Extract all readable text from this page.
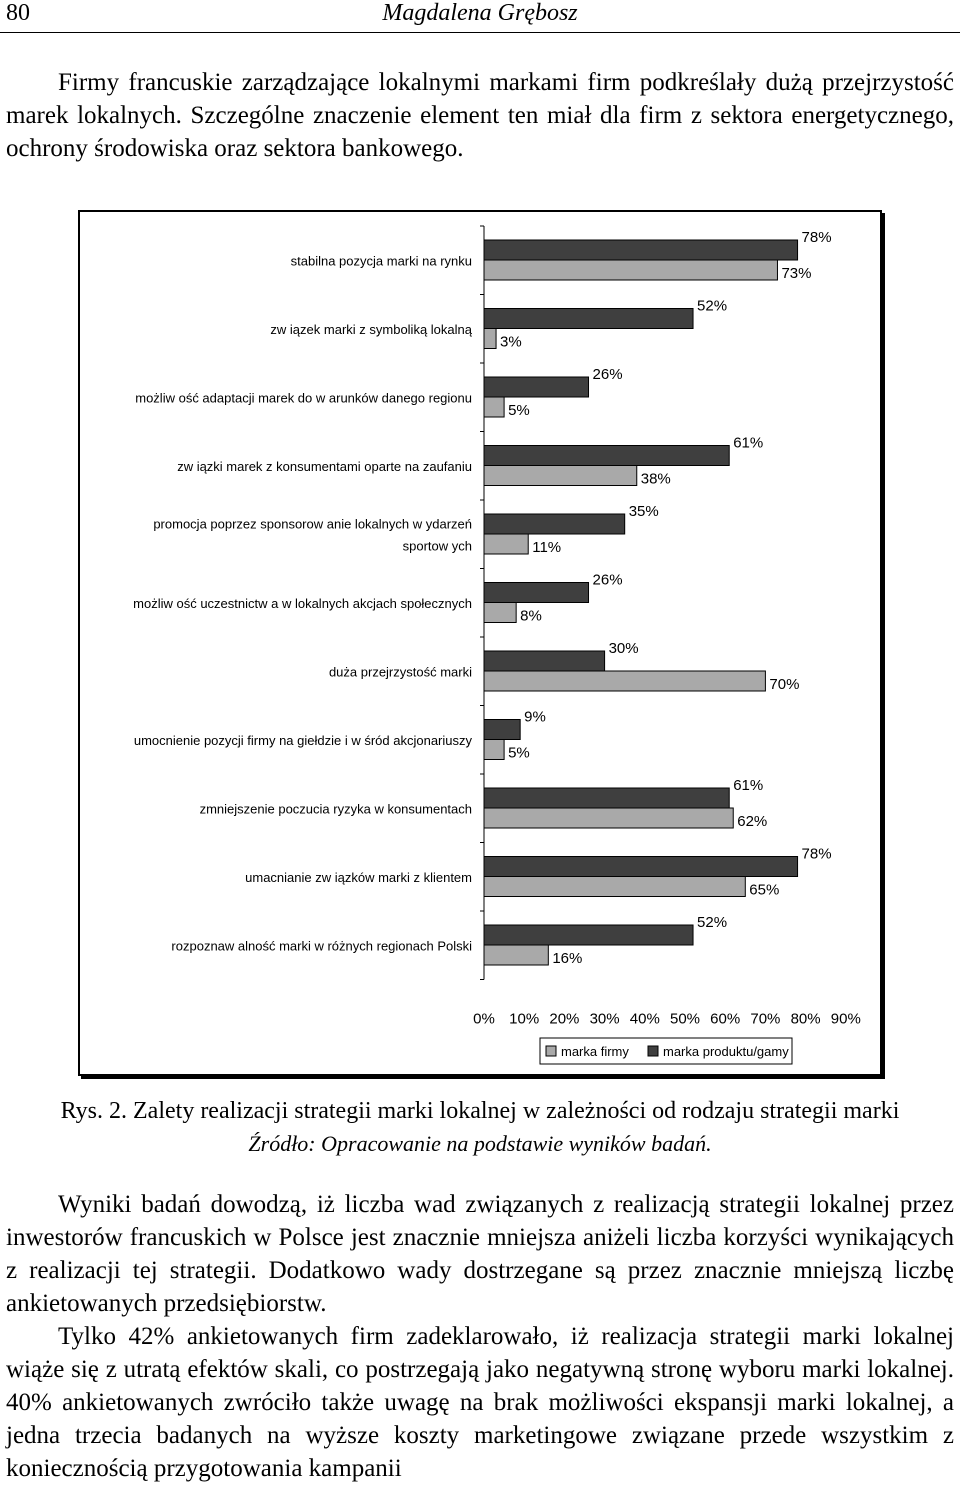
80	Magdalena Grębosz
Firmy francuskie zarządzające lokalnymi markami firm podkreślały dużą przejrzystość marek lokalnych. Szczególne znaczenie element ten miał dla firm z sektora energetycznego, ochrony środowiska oraz sektora bankowego.
stabilna pozycja marki na rynku
78%
73%
zw iązek marki z symboliką lokalną
52%
3%
możliw ość adaptacji marek do w arunków danego regionu
26%
5%
zw iązki marek z konsumentami oparte na zaufaniu
61%
38%
promocja poprzez sponsorow anie lokalnych w ydarzeń
sportow ych
35%
11%
możliw ość uczestnictw a w lokalnych akcjach społecznych
26%
8%
duża przejrzystość marki
30%
70%
umocnienie pozycji firmy na giełdzie i w śród akcjonariuszy
9%
5%
zmniejszenie poczucia ryzyka w konsumentach
61%
62%
umacnianie zw iązków marki z klientem
78%
65%
rozpoznaw alność marki w różnych regionach Polski
52%
16%
0% 10% 20% 30% 40% 50% 60% 70% 80% 90%
marka firmy	marka produktu/gamy
Rys. 2. Zalety realizacji strategii marki lokalnej w zależności od rodzaju strategii marki
Źródło: Opracowanie na podstawie wyników badań.
Wyniki badań dowodzą, iż liczba wad związanych z realizacją strategii lokalnej przez inwestorów francuskich w Polsce jest znacznie mniejsza aniżeli liczba korzyści wynikających z realizacji tej strategii. Dodatkowo wady dostrzegane są przez znacznie mniejszą liczbę ankietowanych przedsiębiorstw.
Tylko 42% ankietowanych firm zadeklarowało, iż realizacja strategii marki lokalnej wiąże się z utratą efektów skali, co postrzegają jako negatywną stronę wyboru marki lokalnej. 40% ankietowanych zwróciło także uwagę na brak możliwości ekspansji marki lokalnej, a jedna trzecia badanych na wyższe koszty marketingowe związane przede wszystkim z koniecznością przygotowania kampanii
